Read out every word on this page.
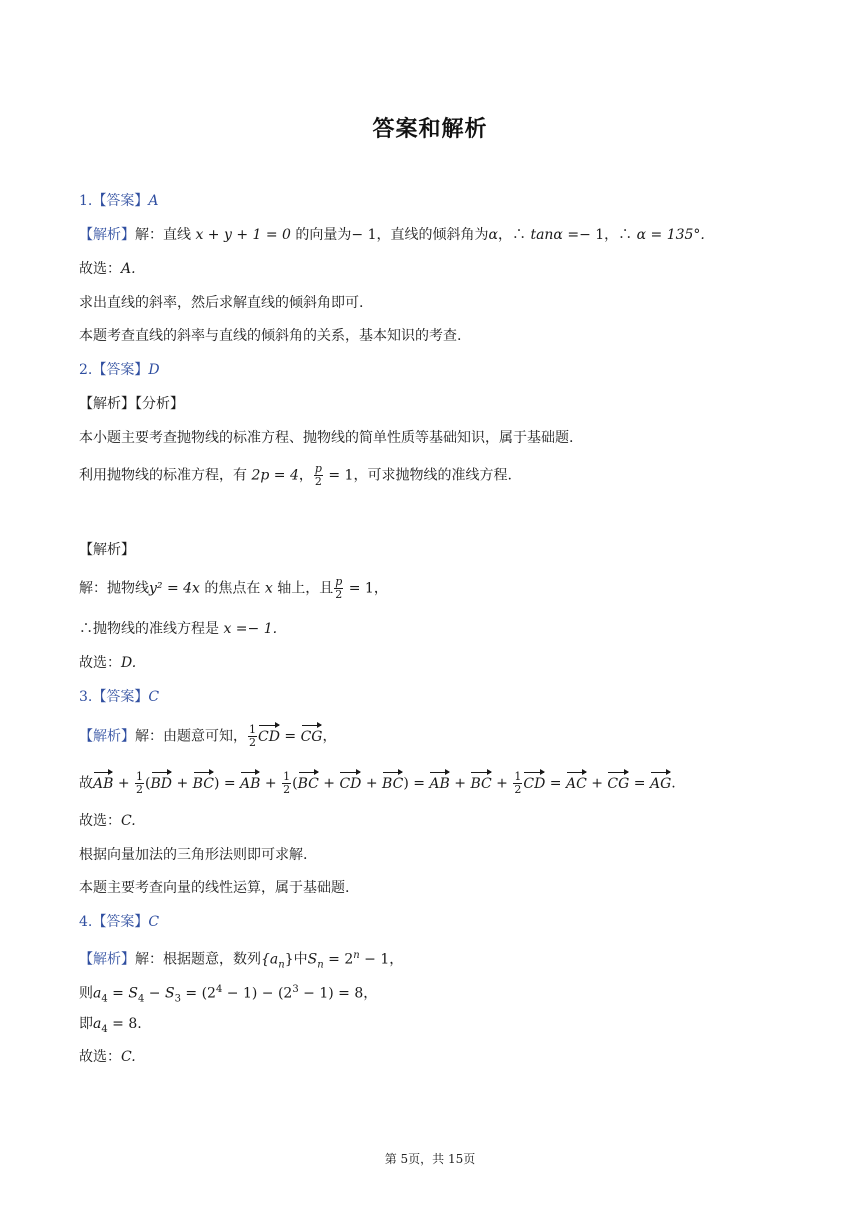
答案和解析
1.【答案】A
【解析】解：直线 x + y + 1 = 0 的向量为− 1，直线的倾斜角为α，∴ tanα =− 1，∴ α = 135°.
故选：A.
求出直线的斜率，然后求解直线的倾斜角即可.
本题考查直线的斜率与直线的倾斜角的关系，基本知识的考查.
2.【答案】D
【解析】【分析】
本小题主要考查抛物线的标准方程、抛物线的简单性质等基础知识，属于基础题.
利用抛物线的标准方程，有 2p = 4， $\frac{p}{2} = 1$，可求抛物线的准线方程.
【解析】
解：抛物线y² = 4x 的焦点在 x 轴上，且 $\frac{p}{2} = 1$，
∴抛物线的准线方程是 x =− 1.
故选：D.
3.【答案】C
【解析】解：由题意可知， $\frac{1}{2}$ CD = CG，
故AB + $\frac{1}{2} (BD + BC)$ = AB + $\frac{1}{2} (BC$ + CD + BC) = AB + BC + $\frac{1}{2}$ CD = AC + CG = AG.
故选：C.
根据向量加法的三角形法则即可求解.
本题主要考查向量的线性运算，属于基础题.
4.【答案】C
【解析】解：根据题意，数列$\{a_n\}$中$S_n = 2^n - 1$，
则$a_4 = S_4 - S_3 = (2^4 - 1) - (2^3 - 1) = 8$，
即$a_4 = 8$.
故选：C.
第 5页，共 15页
